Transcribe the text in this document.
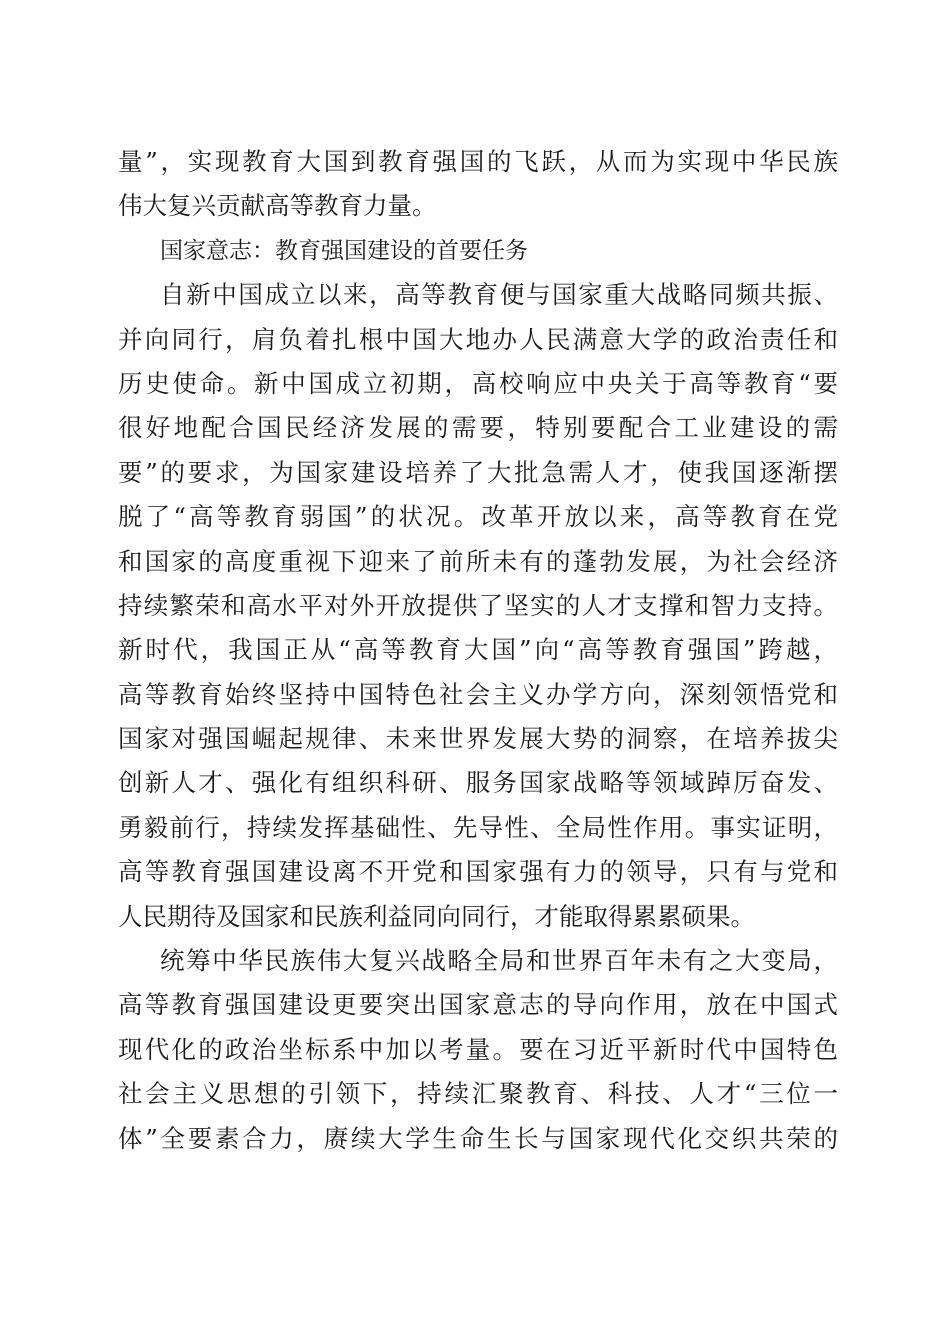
量”，实现教育大国到教育强国的飞跃，从而为实现中华民族
伟大复兴贡献高等教育力量。
国家意志：教育强国建设的首要任务
自新中国成立以来，高等教育便与国家重大战略同频共振、
并向同行，肩负着扎根中国大地办人民满意大学的政治责任和
历史使命。新中国成立初期，高校响应中央关于高等教育“要
很好地配合国民经济发展的需要，特别要配合工业建设的需
要”的要求，为国家建设培养了大批急需人才，使我国逐渐摆
脱了“高等教育弱国”的状况。改革开放以来，高等教育在党
和国家的高度重视下迎来了前所未有的蓬勃发展，为社会经济
持续繁荣和高水平对外开放提供了坚实的人才支撑和智力支持。
新时代，我国正从“高等教育大国”向“高等教育强国”跨越，
高等教育始终坚持中国特色社会主义办学方向，深刻领悟党和
国家对强国崛起规律、未来世界发展大势的洞察，在培养拔尖
创新人才、强化有组织科研、服务国家战略等领域踔厉奋发、
勇毅前行，持续发挥基础性、先导性、全局性作用。事实证明，
高等教育强国建设离不开党和国家强有力的领导，只有与党和
人民期待及国家和民族利益同向同行，才能取得累累硕果。
统筹中华民族伟大复兴战略全局和世界百年未有之大变局，
高等教育强国建设更要突出国家意志的导向作用，放在中国式
现代化的政治坐标系中加以考量。要在习近平新时代中国特色
社会主义思想的引领下，持续汇聚教育、科技、人才“三位一
体”全要素合力，赓续大学生命生长与国家现代化交织共荣的
